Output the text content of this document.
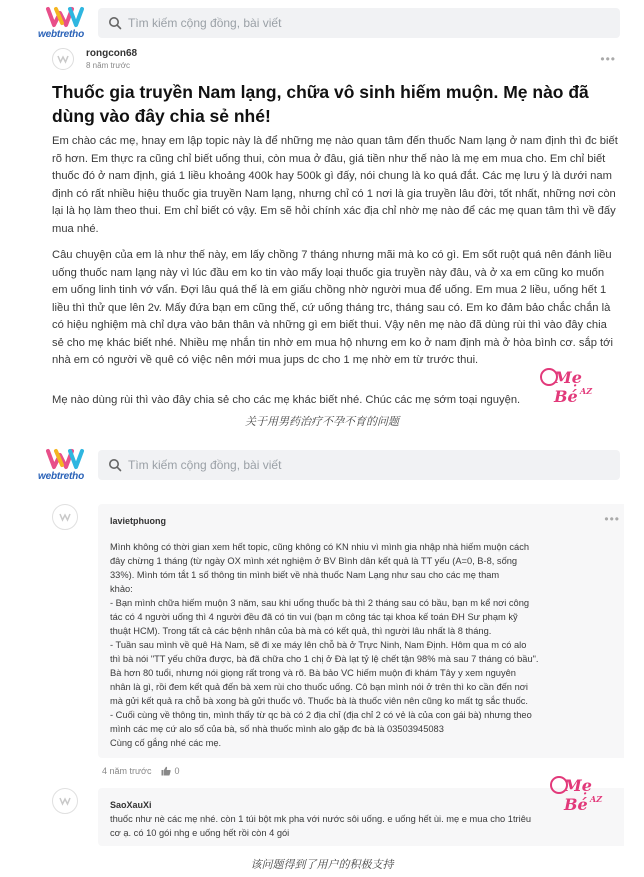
webtretho
Tìm kiếm cộng đồng, bài viết
rongcon68
8 năm trước	•••
Thuốc gia truyền Nam lạng, chữa vô sinh hiếm muộn. Mẹ nào đã dùng vào đây chia sẻ nhé!

Em chào các mẹ, hnay em lập topic này là để những mẹ nào quan tâm đến thuốc Nam lạng ở nam định thì đc biết rõ hơn. Em thực ra cũng chỉ biết uống thui, còn mua ở đâu, giá tiền như thế nào là mẹ em mua cho. Em chỉ biết thuốc đó ở nam định, giá 1 liều khoảng 400k hay 500k gì đấy, nói chung là ko quá đắt. Các mẹ lưu ý là dưới nam định có rất nhiều hiệu thuốc gia truyền Nam lạng, nhưng chỉ có 1 nơi là gia truyền lâu đời, tốt nhất, những nơi còn lại là họ làm theo thui. Em chỉ biết có vậy. Em sẽ hỏi chính xác địa chỉ nhờ mẹ nào để các mẹ quan tâm thì về đấy mua nhé.

Câu chuyện của em là như thế này, em lấy chồng 7 tháng nhưng mãi mà ko có gì. Em sốt ruột quá nên đánh liều uống thuốc nam lạng này vì lúc đầu em ko tin vào mấy loại thuốc gia truyền này đâu, và ở xa em cũng ko muốn em uống linh tinh vớ vẩn. Đợi lâu quá thế là em giấu chồng nhờ người mua để uống. Em mua 2 liều, uống hết 1 liều thì thử que lên 2v. Mấy đứa bạn em cũng thế, cứ uống tháng trc, tháng sau có. Em ko đảm bảo chắc chắn là có hiệu nghiệm mà chỉ dựa vào bản thân và những gì em biết thui. Vậy nên mẹ nào đã dùng rùi thì vào đây chia sẻ cho mẹ khác biết nhé. Nhiều mẹ nhắn tin nhờ em mua hộ nhưng em ko ở nam định mà ở hòa bình cơ. sắp tới nhà em có người về quê có việc nên mới mua jups dc cho 1 mẹ nhờ em từ trước thui.

Mẹ nào dùng rùi thì vào đây chia sẻ cho các mẹ khác biết nhé. Chúc các mẹ sớm toại nguyện.

Mẹ Bé AZ
关于用男药治疗不孕不育的问题
webtretho
Tìm kiếm cộng đồng, bài viết
lavietphuong	•••
Mình không có thời gian xem hết topic, cũng không có KN nhiu vì mình gia nhập nhà hiếm muộn cách
đây chừng 1 tháng (từ ngày OX mình xét nghiệm ở BV Bình dân kết quả là TT yếu (A=0, B-8, sống
33%). Mình tóm tắt 1 số thông tin mình biết về nhà thuốc Nam Lạng như sau cho các mẹ tham
khảo:
- Bạn mình chữa hiếm muộn 3 năm, sau khi uống thuốc bà thì 2 tháng sau có bầu, bạn m kể nơi công
tác có 4 người uống thì 4 người đều đã có tin vui (bạn m công tác tại khoa kế toán ĐH Sư phạm kỹ
thuật HCM). Trong tất cả các bệnh nhân của bà mà có kết quả, thì người lâu nhất là 8 tháng.
- Tuần sau mình về quê Hà Nam, sẽ đi xe máy lên chỗ bà ở Trực Ninh, Nam Định. Hôm qua m có alo
thì bà nói "TT yếu chữa được, bà đã chữa cho 1 chị ở Đà lạt tỷ lệ chết tận 98% mà sau 7 tháng có bầu".
Bà hơn 80 tuổi, nhưng nói giọng rất trong và rõ. Bà bảo VC hiếm muộn đi khám Tây y xem nguyên
nhân là gì, rồi đem kết quả đến bà xem rùi cho thuốc uống. Cô bạn mình nói ở trên thì ko cần đến nơi
mà gửi kết quả ra chỗ bà xong bà gửi thuốc vô. Thuốc bà là thuốc viên nên cũng ko mất tg sắc thuốc.
- Cuối cùng về thông tin, mình thấy từ qc bà có 2 địa chỉ (địa chỉ 2 có vẻ là của con gái bà) nhưng theo
mình các mẹ cứ alo số của bà, số nhà thuốc mình alo gặp đc bà là 03503945083
Cùng cố gắng nhé các mẹ.
4 năm trước	0
SaoXauXi
thuốc như nè các mẹ nhé. còn 1 túi bột mk pha với nước sôi uống. e uống hết ùi. mẹ e mua cho 1triêu
cơ ạ. có 10 gói nhg e uống hết rồi còn 4 gói
Mẹ Bé AZ
该问题得到了用户的积极支持
